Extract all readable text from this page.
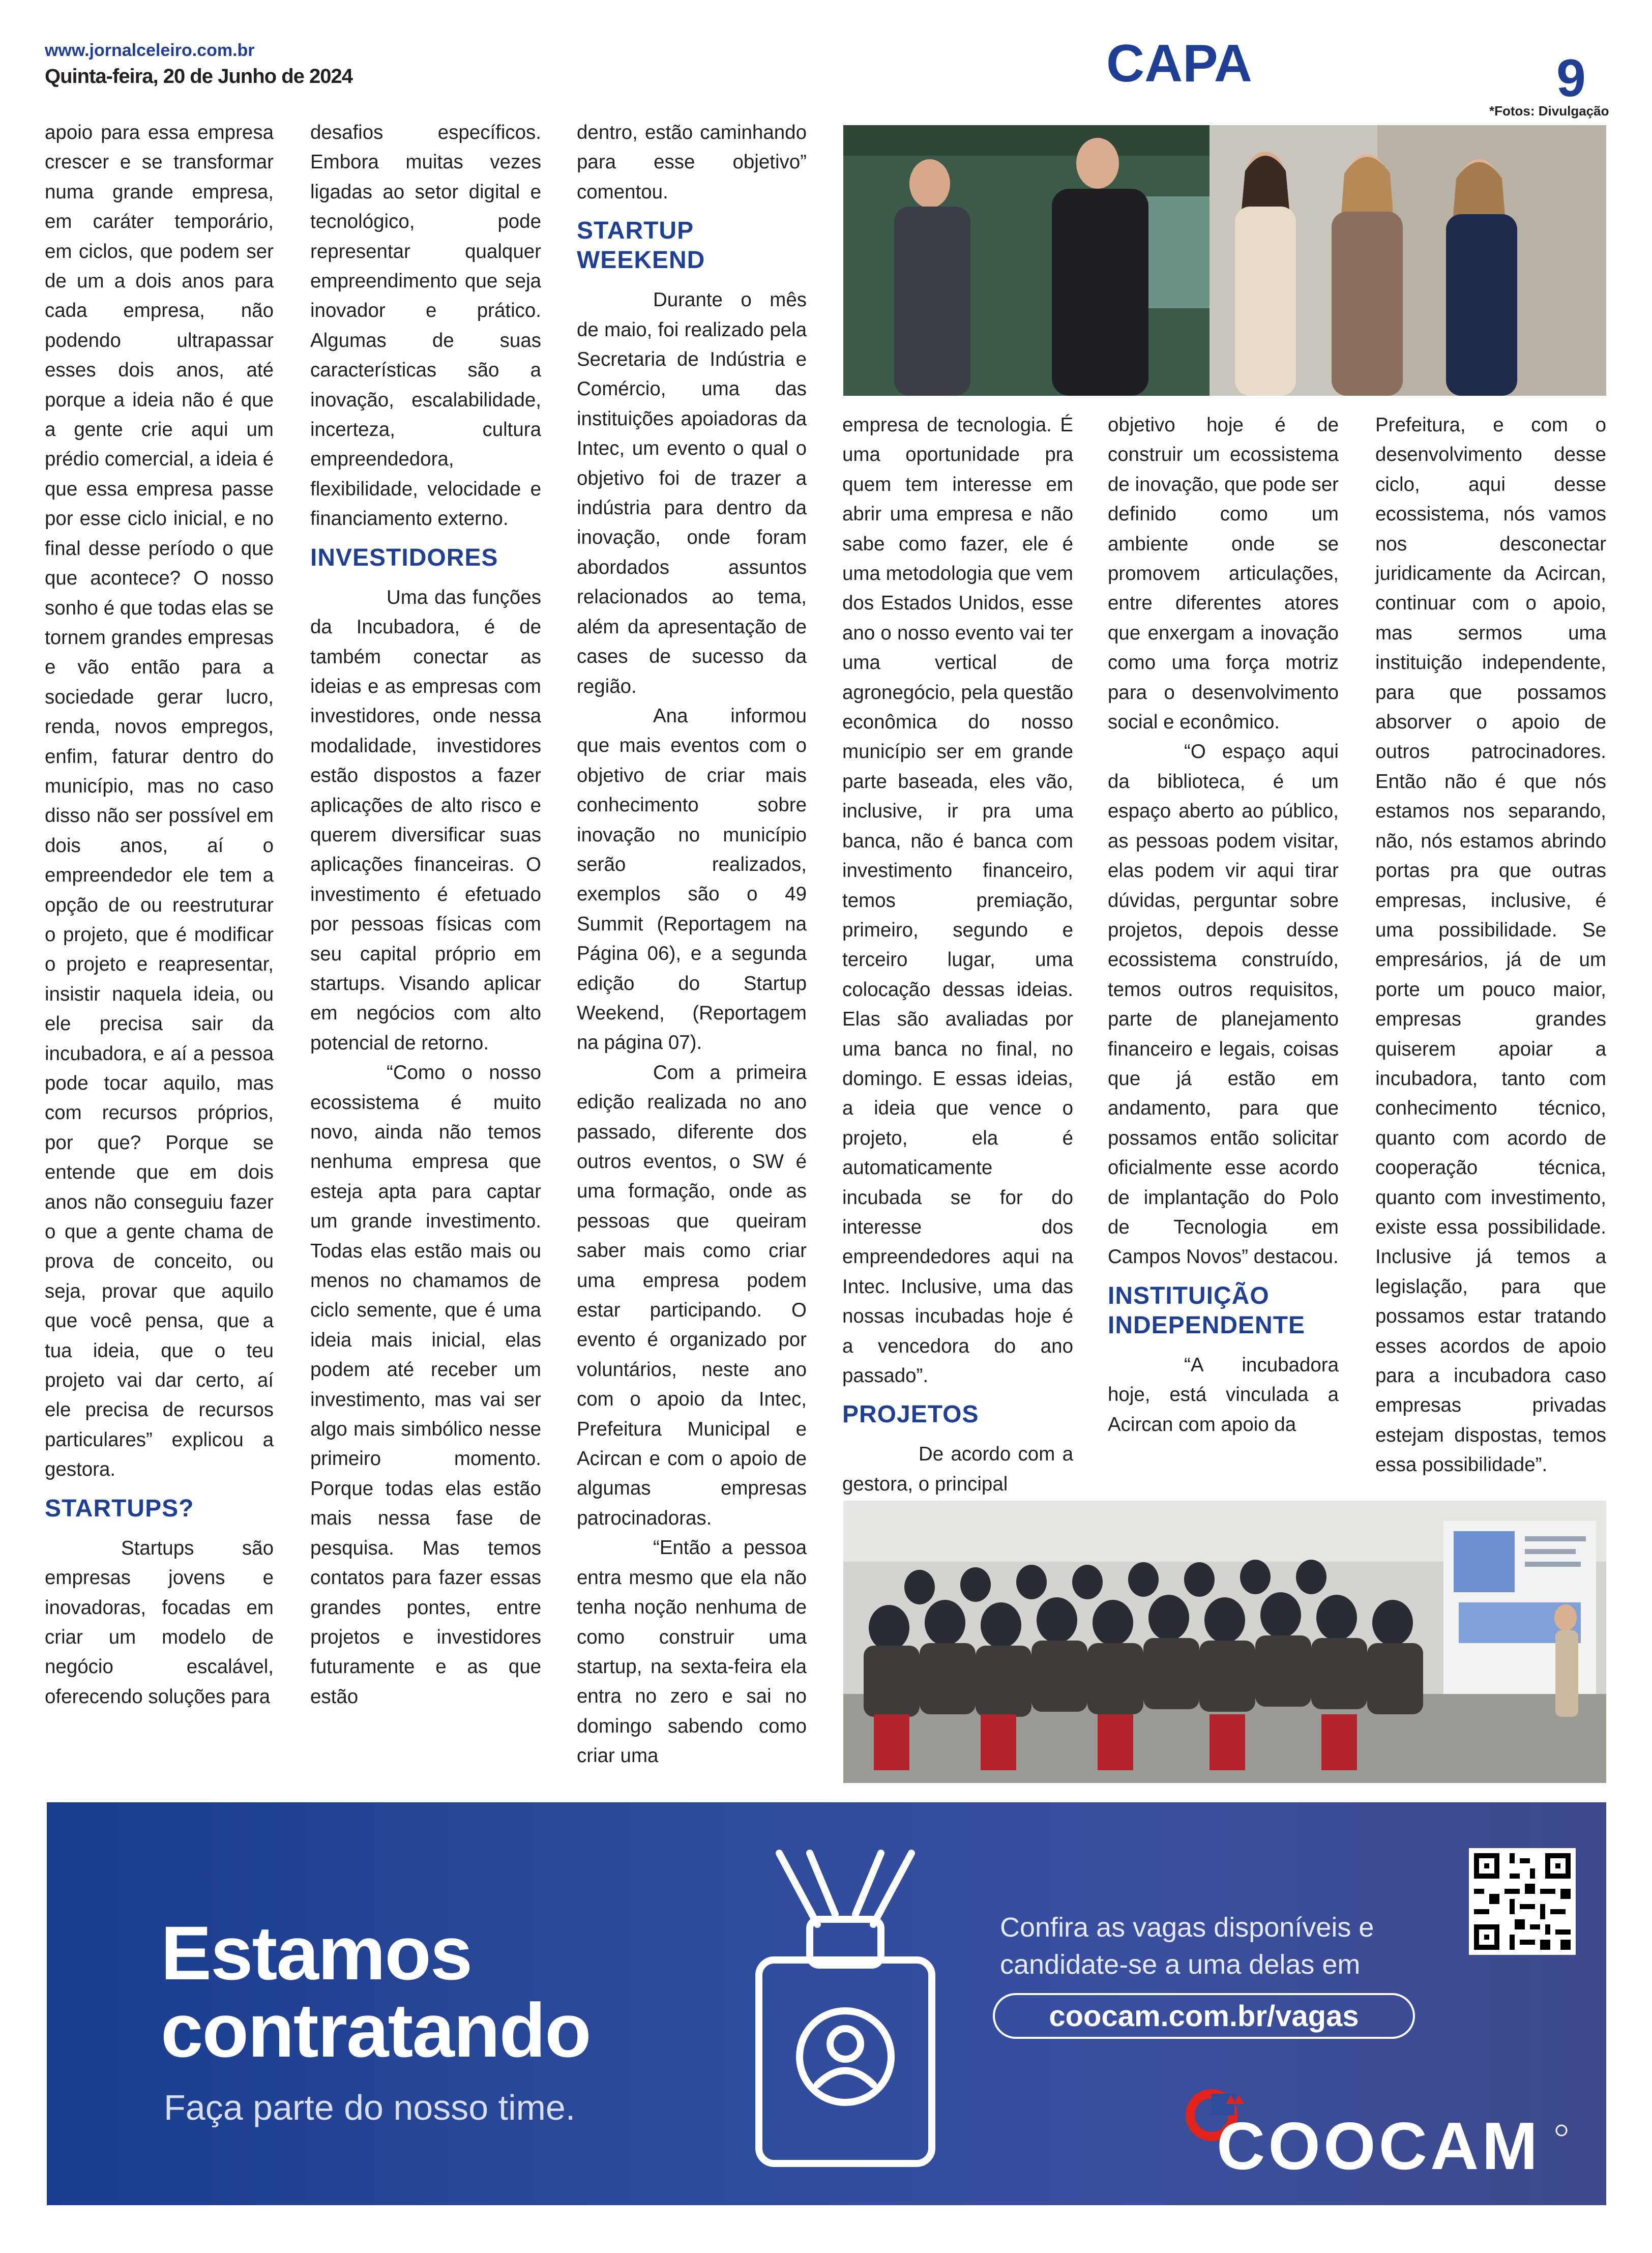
www.jornalceleiro.com.br
Quinta-feira, 20 de Junho de 2024	CAPA	9
*Fotos: Divulgação

apoio para essa empresa crescer e se transformar numa grande empresa, em caráter temporário, em ciclos, que podem ser de um a dois anos para cada empresa, não podendo ultrapassar esses dois anos, até porque a ideia não é que a gente crie aqui um prédio comercial, a ideia é que essa empresa passe por esse ciclo inicial, e no final desse período o que que acontece? O nosso sonho é que todas elas se tornem grandes empresas e vão então para a sociedade gerar lucro, renda, novos empregos, enfim, faturar dentro do município, mas no caso disso não ser possível em dois anos, aí o empreendedor ele tem a opção de ou reestruturar o projeto, que é modificar o projeto e reapresentar, insistir naquela ideia, ou ele precisa sair da incubadora, e aí a pessoa pode tocar aquilo, mas com recursos próprios, por que? Porque se entende que em dois anos não conseguiu fazer o que a gente chama de prova de conceito, ou seja, provar que aquilo que você pensa, que a tua ideia, que o teu projeto vai dar certo, aí ele precisa de recursos particulares” explicou a gestora.

STARTUPS?

Startups são empresas jovens e inovadoras, focadas em criar um modelo de negócio escalável, oferecendo soluções para

desafios específicos. Embora muitas vezes ligadas ao setor digital e tecnológico, pode representar qualquer empreendimento que seja inovador e prático. Algumas de suas características são a inovação, escalabilidade, incerteza, cultura empreendedora, flexibilidade, velocidade e financiamento externo.

INVESTIDORES

Uma das funções da Incubadora, é de também conectar as ideias e as empresas com investidores, onde nessa modalidade, investidores estão dispostos a fazer aplicações de alto risco e querem diversificar suas aplicações financeiras. O investimento é efetuado por pessoas físicas com seu capital próprio em startups. Visando aplicar em negócios com alto potencial de retorno.

“Como o nosso ecossistema é muito novo, ainda não temos nenhuma empresa que esteja apta para captar um grande investimento. Todas elas estão mais ou menos no chamamos de ciclo semente, que é uma ideia mais inicial, elas podem até receber um investimento, mas vai ser algo mais simbólico nesse primeiro momento. Porque todas elas estão mais nessa fase de pesquisa. Mas temos contatos para fazer essas grandes pontes, entre projetos e investidores futuramente e as que estão

dentro, estão caminhando para esse objetivo” comentou.

STARTUP
WEEKEND

Durante o mês de maio, foi realizado pela Secretaria de Indústria e Comércio, uma das instituições apoiadoras da Intec, um evento o qual o objetivo foi de trazer a indústria para dentro da inovação, onde foram abordados assuntos relacionados ao tema, além da apresentação de cases de sucesso da região.

Ana informou que mais eventos com o objetivo de criar mais conhecimento sobre inovação no município serão realizados, exemplos são o 49 Summit (Reportagem na Página 06), e a segunda edição do Startup Weekend, (Reportagem na página 07).

Com a primeira edição realizada no ano passado, diferente dos outros eventos, o SW é uma formação, onde as pessoas que queiram saber mais como criar uma empresa podem estar participando. O evento é organizado por voluntários, neste ano com o apoio da Intec, Prefeitura Municipal e Acircan e com o apoio de algumas empresas patrocinadoras.

“Então a pessoa entra mesmo que ela não tenha noção nenhuma de como construir uma startup, na sexta-feira ela entra no zero e sai no domingo sabendo como criar uma

empresa de tecnologia. É uma oportunidade pra quem tem interesse em abrir uma empresa e não sabe como fazer, ele é uma metodologia que vem dos Estados Unidos, esse ano o nosso evento vai ter uma vertical de agronegócio, pela questão econômica do nosso município ser em grande parte baseada, eles vão, inclusive, ir pra uma banca, não é banca com investimento financeiro, temos premiação, primeiro, segundo e terceiro lugar, uma colocação dessas ideias. Elas são avaliadas por uma banca no final, no domingo. E essas ideias, a ideia que vence o projeto, ela é automaticamente incubada se for do interesse dos empreendedores aqui na Intec. Inclusive, uma das nossas incubadas hoje é a vencedora do ano passado”.

PROJETOS

De acordo com a gestora, o principal

objetivo hoje é de construir um ecossistema de inovação, que pode ser definido como um ambiente onde se promovem articulações, entre diferentes atores que enxergam a inovação como uma força motriz para o desenvolvimento social e econômico.

“O espaço aqui da biblioteca, é um espaço aberto ao público, as pessoas podem visitar, elas podem vir aqui tirar dúvidas, perguntar sobre projetos, depois desse ecossistema construído, temos outros requisitos, parte de planejamento financeiro e legais, coisas que já estão em andamento, para que possamos então solicitar oficialmente esse acordo de implantação do Polo de Tecnologia em Campos Novos” destacou.

INSTITUIÇÃO
INDEPENDENTE

“A incubadora hoje, está vinculada a Acircan com apoio da

Prefeitura, e com o desenvolvimento desse ciclo, aqui desse ecossistema, nós vamos nos desconectar juridicamente da Acircan, continuar com o apoio, mas sermos uma instituição independente, para que possamos absorver o apoio de outros patrocinadores. Então não é que nós estamos nos separando, não, nós estamos abrindo portas pra que outras empresas, inclusive, é uma possibilidade. Se empresários, já de um porte um pouco maior, empresas grandes quiserem apoiar a incubadora, tanto com conhecimento técnico, quanto com acordo de cooperação técnica, quanto com investimento, existe essa possibilidade. Inclusive já temos a legislação, para que possamos estar tratando esses acordos de apoio para a incubadora caso empresas privadas estejam dispostas, temos essa possibilidade”.

Estamos
contratando
Faça parte do nosso time.
Confira as vagas disponíveis e
candidate-se a uma delas em
coocam.com.br/vagas
COOCAM
